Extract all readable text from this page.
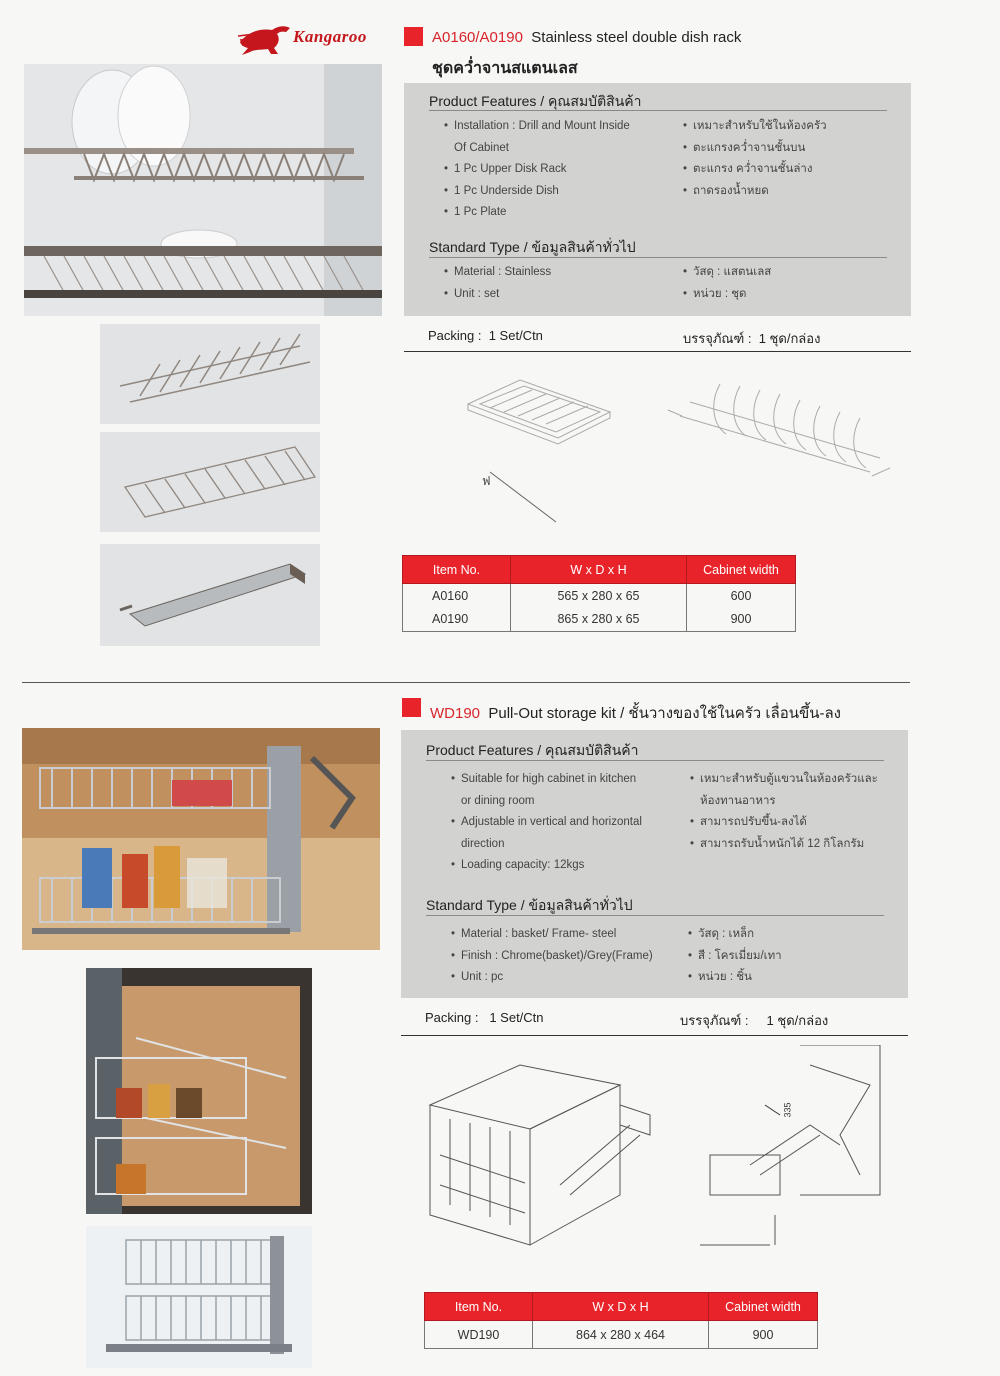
Kangaroo	A0160/A0190 Stainless steel double dish rack
ชุดคว่ำจานสแตนเลส
Product Features / คุณสมบัติสินค้า
• Installation : Drill and Mount Inside
Of Cabinet
• 1 Pc Upper Disk Rack
• 1 Pc Underside Dish
• 1 Pc Plate
• เหมาะสำหรับใช้ในห้องครัว
• ตะแกรงคว่ำจานชั้นบน
• ตะแกรง คว่ำจานชั้นล่าง
• ถาดรองน้ำหยด
Standard Type / ข้อมูลสินค้าทั่วไป
• Material : Stainless
• Unit : set
• วัสดุ : แสตนเลส
• หน่วย : ชุด
Packing : 1 Set/Ctn	บรรจุภัณฑ์ : 1 ชุด/กล่อง
ฟ
Item No.	W x D x H	Cabinet width
A0160	565 x 280 x 65	600
A0190	865 x 280 x 65	900
WD190 Pull-Out storage kit / ชั้นวางของใช้ในครัว เลื่อนขึ้น-ลง
Product Features / คุณสมบัติสินค้า
• Suitable for high cabinet in kitchen
or dining room
• Adjustable in vertical and horizontal
direction
• Loading capacity: 12kgs
• เหมาะสำหรับตู้แขวนในห้องครัวและ
ห้องทานอาหาร
• สามารถปรับขึ้น-ลงได้
• สามารถรับน้ำหนักได้ 12 กิโลกรัม
Standard Type / ข้อมูลสินค้าทั่วไป
• Material : basket/ Frame- steel
• Finish : Chrome(basket)/Grey(Frame)
• Unit : pc
• วัสดุ : เหล็ก
• สี : โครเมี่ยม/เทา
• หน่วย : ชิ้น
Packing : 1 Set/Ctn	บรรจุภัณฑ์ : 1 ชุด/กล่อง
335
Item No.	W x D x H	Cabinet width
WD190	864 x 280 x 464	900
